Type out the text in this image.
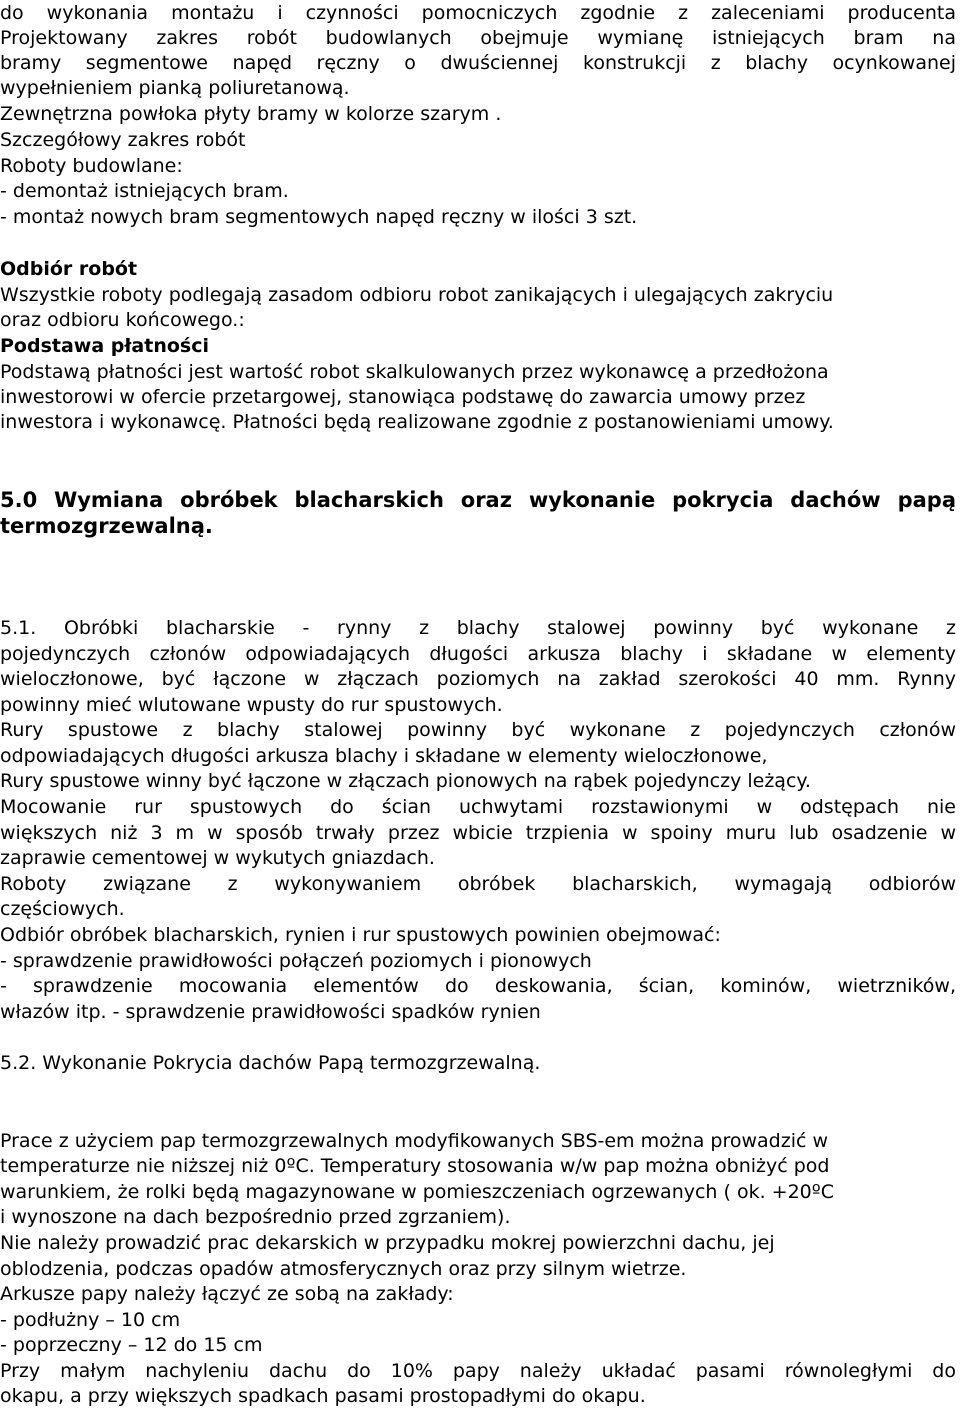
do wykonania montażu i czynności pomocniczych zgodnie z zaleceniami producenta
Projektowany zakres robót budowlanych obejmuje wymianę istniejących bram na
bramy segmentowe napęd ręczny o dwuściennej konstrukcji z blachy ocynkowanej
wypełnieniem pianką poliuretanową.
Zewnętrzna powłoka płyty bramy w kolorze szarym .
Szczegółowy zakres robót
Roboty budowlane:
- demontaż istniejących bram.
- montaż nowych bram segmentowych napęd ręczny w ilości 3 szt.
Odbiór robót
Wszystkie roboty podlegają zasadom odbioru robot zanikających i ulegających zakryciu
oraz odbioru końcowego.:
Podstawa płatności
Podstawą płatności jest wartość robot skalkulowanych przez wykonawcę a przedłożona
inwestorowi w ofercie przetargowej, stanowiąca podstawę do zawarcia umowy przez
inwestora i wykonawcę. Płatności będą realizowane zgodnie z postanowieniami umowy.
5.0 Wymiana obróbek blacharskich oraz wykonanie pokrycia dachów papą
termozgrzewalną.
5.1. Obróbki blacharskie - rynny z blachy stalowej powinny być wykonane z
pojedynczych członów odpowiadających długości arkusza blachy i składane w elementy
wieloczłonowe, być łączone w złączach poziomych na zakład szerokości 40 mm. Rynny
powinny mieć wlutowane wpusty do rur spustowych.
Rury spustowe z blachy stalowej powinny być wykonane z pojedynczych członów
odpowiadających długości arkusza blachy i składane w elementy wieloczłonowe,
Rury spustowe winny być łączone w złączach pionowych na rąbek pojedynczy leżący.
Mocowanie rur spustowych do ścian uchwytami rozstawionymi w odstępach nie
większych niż 3 m w sposób trwały przez wbicie trzpienia w spoiny muru lub osadzenie w
zaprawie cementowej w wykutych gniazdach.
Roboty związane z wykonywaniem obróbek blacharskich, wymagają odbiorów
częściowych.
Odbiór obróbek blacharskich, rynien i rur spustowych powinien obejmować:
- sprawdzenie prawidłowości połączeń poziomych i pionowych
- sprawdzenie mocowania elementów do deskowania, ścian, kominów, wietrzników,
włazów itp. - sprawdzenie prawidłowości spadków rynien
5.2. Wykonanie Pokrycia dachów Papą termozgrzewalną.
Prace z użyciem pap termozgrzewalnych modyfikowanych SBS-em można prowadzić w
temperaturze nie niższej niż 0ºC. Temperatury stosowania w/w pap można obniżyć pod
warunkiem, że rolki będą magazynowane w pomieszczeniach ogrzewanych ( ok. +20ºC
i wynoszone na dach bezpośrednio przed zgrzaniem).
Nie należy prowadzić prac dekarskich w przypadku mokrej powierzchni dachu, jej
oblodzenia, podczas opadów atmosferycznych oraz przy silnym wietrze.
Arkusze papy należy łączyć ze sobą na zakłady:
- podłużny – 10 cm
- poprzeczny – 12 do 15 cm
Przy małym nachyleniu dachu do 10% papy należy układać pasami równoległymi do
okapu, a przy większych spadkach pasami prostopadłymi do okapu.
